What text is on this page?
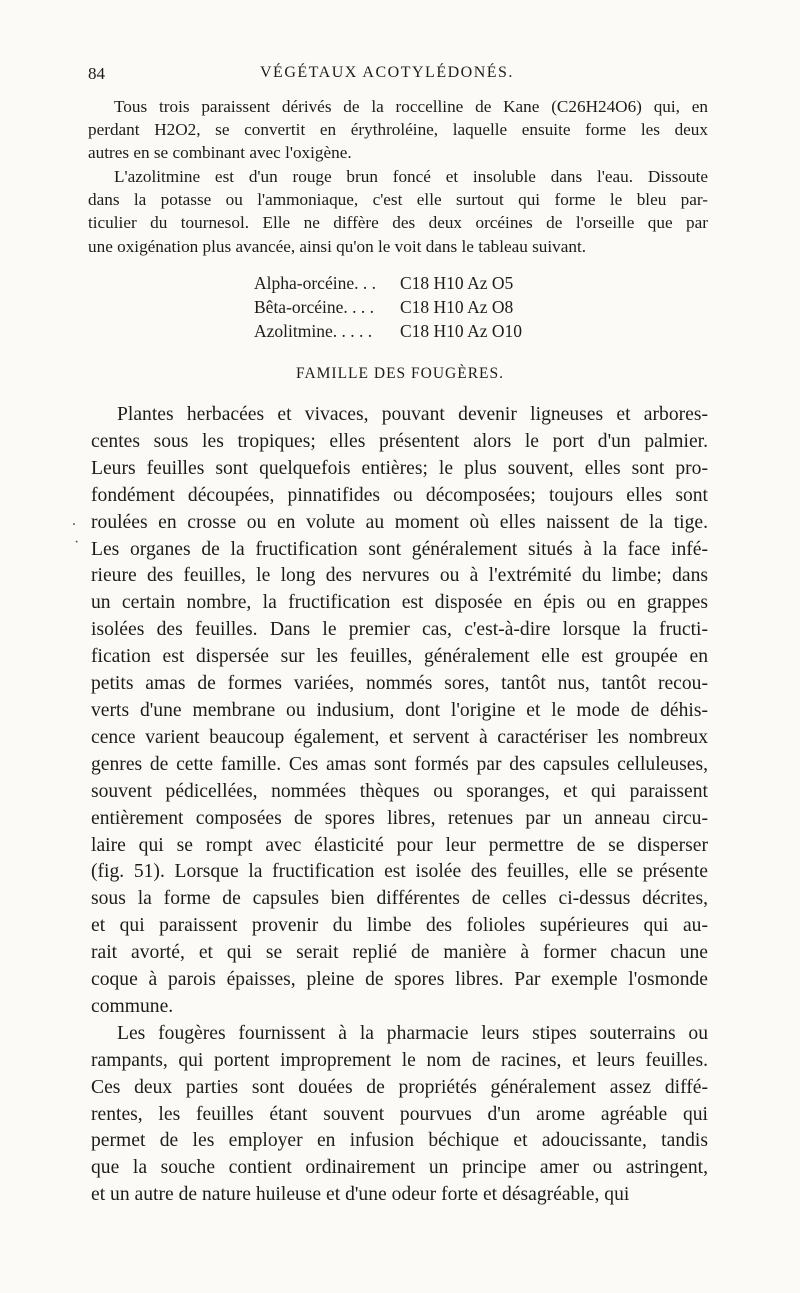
84	VÉGÉTAUX ACOTYLÉDONÉS.
Tous trois paraissent dérivés de la roccelline de Kane (C26H24O6) qui, en
perdant H2O2, se convertit en érythroléine, laquelle ensuite forme les deux
autres en se combinant avec l'oxigène.
L'azolitmine est d'un rouge brun foncé et insoluble dans l'eau. Dissoute
dans la potasse ou l'ammoniaque, c'est elle surtout qui forme le bleu par-
ticulier du tournesol. Elle ne diffère des deux orcéines de l'orseille que par
une oxigénation plus avancée, ainsi qu'on le voit dans le tableau suivant.
Alpha-orcéine. . .	C18 H10 Az O5
Bêta-orcéine. . . .	C18 H10 Az O8
Azolitmine. . . . .	C18 H10 Az O10
FAMILLE DES FOUGÈRES.
Plantes herbacées et vivaces, pouvant devenir ligneuses et arbores-
centes sous les tropiques; elles présentent alors le port d'un palmier.
Leurs feuilles sont quelquefois entières; le plus souvent, elles sont pro-
fondément découpées, pinnatifides ou décomposées; toujours elles sont
roulées en crosse ou en volute au moment où elles naissent de la tige.
Les organes de la fructification sont généralement situés à la face infé-
rieure des feuilles, le long des nervures ou à l'extrémité du limbe; dans
un certain nombre, la fructification est disposée en épis ou en grappes
isolées des feuilles. Dans le premier cas, c'est-à-dire lorsque la fructi-
fication est dispersée sur les feuilles, généralement elle est groupée en
petits amas de formes variées, nommés sores, tantôt nus, tantôt recou-
verts d'une membrane ou indusium, dont l'origine et le mode de déhis-
cence varient beaucoup également, et servent à caractériser les nombreux
genres de cette famille. Ces amas sont formés par des capsules celluleuses,
souvent pédicellées, nommées thèques ou sporanges, et qui paraissent
entièrement composées de spores libres, retenues par un anneau circu-
laire qui se rompt avec élasticité pour leur permettre de se disperser
(fig. 51). Lorsque la fructification est isolée des feuilles, elle se présente
sous la forme de capsules bien différentes de celles ci-dessus décrites,
et qui paraissent provenir du limbe des folioles supérieures qui au-
rait avorté, et qui se serait replié de manière à former chacun une
coque à parois épaisses, pleine de spores libres. Par exemple l'osmonde
commune.
Les fougères fournissent à la pharmacie leurs stipes souterrains ou
rampants, qui portent improprement le nom de racines, et leurs feuilles.
Ces deux parties sont douées de propriétés généralement assez diffé-
rentes, les feuilles étant souvent pourvues d'un arome agréable qui
permet de les employer en infusion béchique et adoucissante, tandis
que la souche contient ordinairement un principe amer ou astringent,
et un autre de nature huileuse et d'une odeur forte et désagréable, qui
.
·
